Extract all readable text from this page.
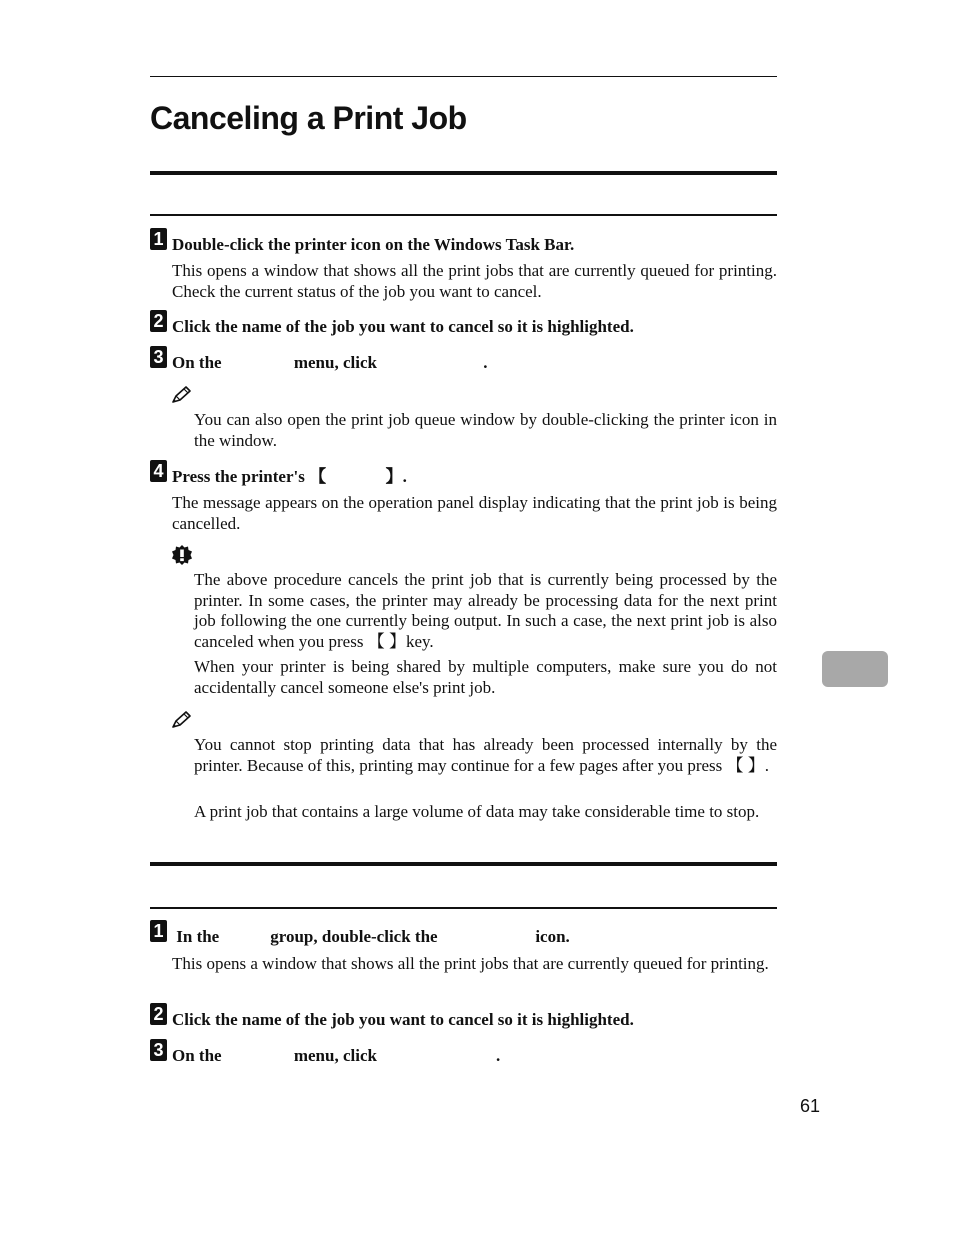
Canceling a Print Job
1 Double-click the printer icon on the Windows Task Bar.
This opens a window that shows all the print jobs that are currently queued for printing. Check the current status of the job you want to cancel.
2 Click the name of the job you want to cancel so it is highlighted.
3 On the                 menu, click                         .
You can also open the print job queue window by double-clicking the printer icon in the window.
4 Press the printer's 【              】.
The message appears on the operation panel display indicating that the print job is being cancelled.
The above procedure cancels the print job that is currently being processed by the printer. In some cases, the printer may already be processing data for the next print job following the one currently being output. In such a case, the next print job is also canceled when you press 【 】key.
When your printer is being shared by multiple computers, make sure you do not accidentally cancel someone else's print job.
You cannot stop printing data that has already been processed internally by the printer. Because of this, printing may continue for a few pages after you press 【 】.
A print job that contains a large volume of data may take considerable time to stop.
1 In the            group, double-click the                       icon.
This opens a window that shows all the print jobs that are currently queued for printing.
2 Click the name of the job you want to cancel so it is highlighted.
3 On the                 menu, click                            .
61
